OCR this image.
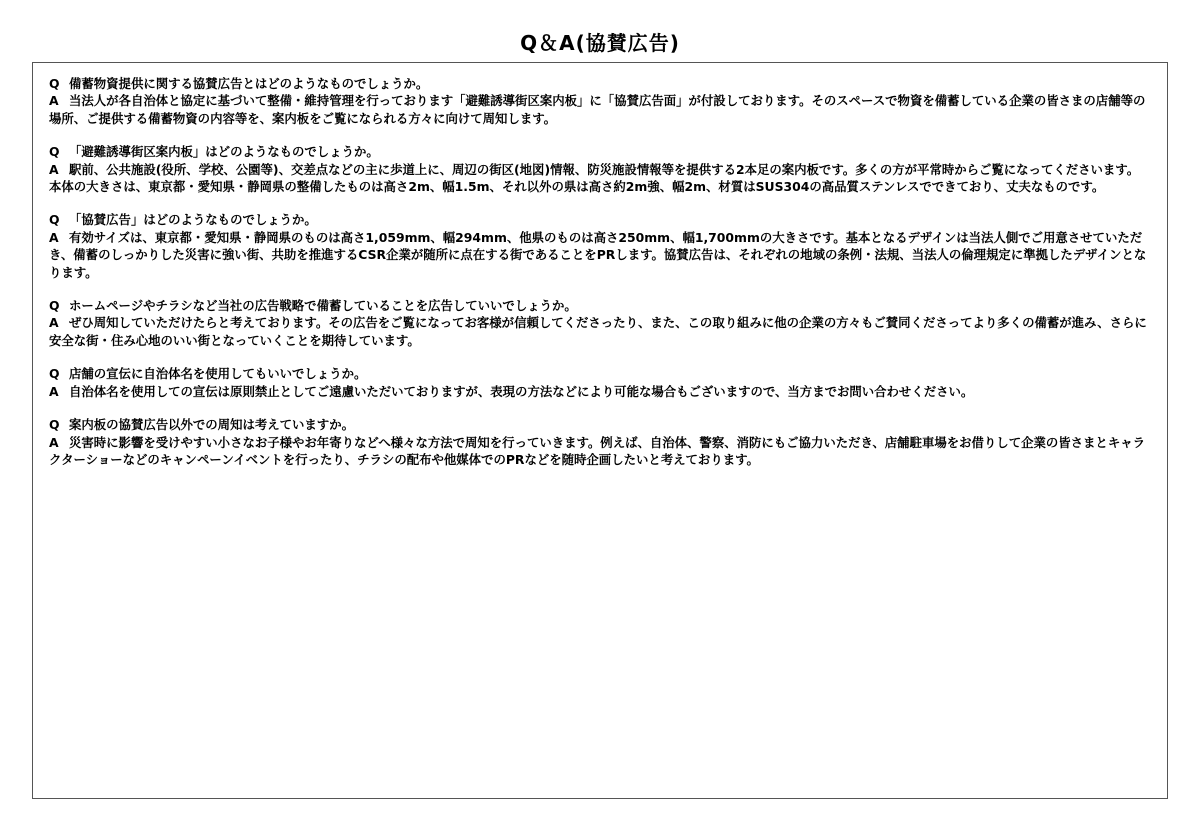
Q＆A(協賛広告)

Q 備蓄物資提供に関する協賛広告とはどのようなものでしょうか。

A 当法人が各自治体と協定に基づいて整備・維持管理を行っております「避難誘導街区案内板」に「協賛広告面」が付設しております。そのスペースで物資を備蓄している企業の皆さまの店舗等の場所、ご提供する備蓄物資の内容等を、案内板をご覧になられる方々に向けて周知します。

Q 「避難誘導街区案内板」はどのようなものでしょうか。

A 駅前、公共施設(役所、学校、公園等)、交差点などの主に歩道上に、周辺の街区(地図)情報、防災施設情報等を提供する2本足の案内板です。多くの方が平常時からご覧になってくださいます。本体の大きさは、東京都・愛知県・静岡県の整備したものは高さ2m、幅1.5m、それ以外の県は高さ約2m強、幅2m、材質はSUS304の高品質ステンレスでできており、丈夫なものです。

Q 「協賛広告」はどのようなものでしょうか。

A 有効サイズは、東京都・愛知県・静岡県のものは高さ1,059mm、幅294mm、他県のものは高さ250mm、幅1,700mmの大きさです。基本となるデザインは当法人側でご用意させていただき、備蓄のしっかりした災害に強い街、共助を推進するCSR企業が随所に点在する街であることをPRします。協賛広告は、それぞれの地域の条例・法規、当法人の倫理規定に準拠したデザインとなります。

Q ホームページやチラシなど当社の広告戦略で備蓄していることを広告していいでしょうか。

A ぜひ周知していただけたらと考えております。その広告をご覧になってお客様が信頼してくださったり、また、この取り組みに他の企業の方々もご賛同くださってより多くの備蓄が進み、さらに安全な街・住み心地のいい街となっていくことを期待しています。

Q 店舗の宣伝に自治体名を使用してもいいでしょうか。

A 自治体名を使用しての宣伝は原則禁止としてご遠慮いただいておりますが、表現の方法などにより可能な場合もございますので、当方までお問い合わせください。

Q 案内板の協賛広告以外での周知は考えていますか。

A 災害時に影響を受けやすい小さなお子様やお年寄りなどへ様々な方法で周知を行っていきます。例えば、自治体、警察、消防にもご協力いただき、店舗駐車場をお借りして企業の皆さまとキャラクターショーなどのキャンペーンイベントを行ったり、チラシの配布や他媒体でのPRなどを随時企画したいと考えております。
